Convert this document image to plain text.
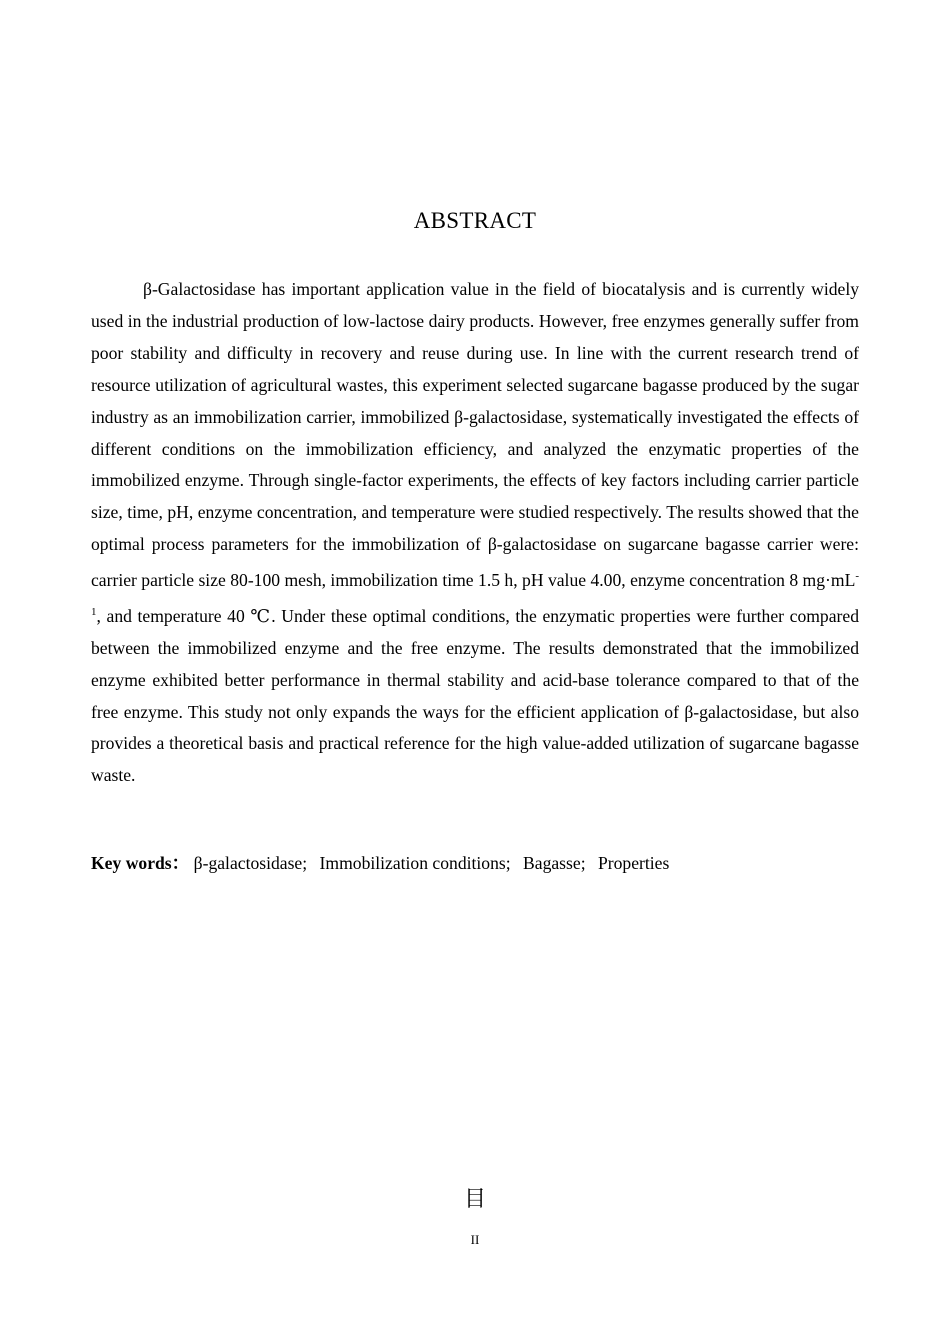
ABSTRACT

β-Galactosidase has important application value in the field of biocatalysis and is currently widely used in the industrial production of low-lactose dairy products. However, free enzymes generally suffer from poor stability and difficulty in recovery and reuse during use. In line with the current research trend of resource utilization of agricultural wastes, this experiment selected sugarcane bagasse produced by the sugar industry as an immobilization carrier, immobilized β-galactosidase, systematically investigated the effects of different conditions on the immobilization efficiency, and analyzed the enzymatic properties of the immobilized enzyme. Through single-factor experiments, the effects of key factors including carrier particle size, time, pH, enzyme concentration, and temperature were studied respectively. The results showed that the optimal process parameters for the immobilization of β-galactosidase on sugarcane bagasse carrier were: carrier particle size 80-100 mesh, immobilization time 1.5 h, pH value 4.00, enzyme concentration 8 $mg\cdot mL^{-1}$, and temperature 40 ℃. Under these optimal conditions, the enzymatic properties were further compared between the immobilized enzyme and the free enzyme. The results demonstrated that the immobilized enzyme exhibited better performance in thermal stability and acid-base tolerance compared to that of the free enzyme. This study not only expands the ways for the efficient application of β-galactosidase, but also provides a theoretical basis and practical reference for the high value-added utilization of sugarcane bagasse waste.

Key words： β-galactosidase; Immobilization conditions; Bagasse; Properties
目
II
